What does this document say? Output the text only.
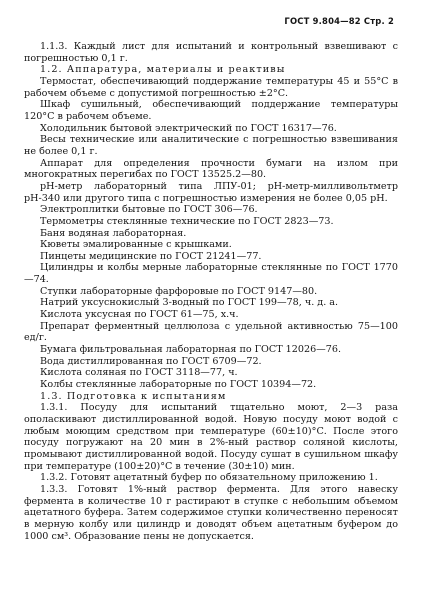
ГОСТ 9.804—82 Стр. 2

1.1.3. Каждый лист для испытаний и контрольный взвешивают с погрешностью 0,1 г.

1.2. Аппаратура, материалы и реактивы

Термостат, обеспечивающий поддержание температуры 45 и 55°С в рабочем объеме с допустимой погрешностью ±2°С.

Шкаф сушильный, обеспечивающий поддержание температуры 120°С в рабочем объеме.

Холодильник бытовой электрический по ГОСТ 16317—76.

Весы технические или аналитические с погрешностью взвешивания не более 0,1 г.

Аппарат для определения прочности бумаги на излом при многократных перегибах по ГОСТ 13525.2—80.

рН-метр лабораторный типа ЛПУ-01; рН-метр-милливольтметр рН-340 или другого типа с погрешностью измерения не более 0,05 рН.

Электроплитки бытовые по ГОСТ 306—76.

Термометры стеклянные технические по ГОСТ 2823—73.

Баня водяная лабораторная.

Кюветы эмалированные с крышками.

Пинцеты медицинские по ГОСТ 21241—77.

Цилиндры и колбы мерные лабораторные стеклянные по ГОСТ 1770—74.

Ступки лабораторные фарфоровые по ГОСТ 9147—80.

Натрий уксуснокислый 3-водный по ГОСТ 199—78, ч. д. а.

Кислота уксусная по ГОСТ 61—75, х.ч.

Препарат ферментный целлюлоза с удельной активностью 75—100 ед/г.

Бумага фильтровальная лабораторная по ГОСТ 12026—76.

Вода дистиллированная по ГОСТ 6709—72.

Кислота соляная по ГОСТ 3118—77, ч.

Колбы стеклянные лабораторные по ГОСТ 10394—72.

1.3. Подготовка к испытаниям

1.3.1. Посуду для испытаний тщательно моют, 2—3 раза ополаскивают дистиллированной водой. Новую посуду моют водой с любым моющим средством при температуре (60±10)°С. После этого посуду погружают на 20 мин в 2%-ный раствор соляной кислоты, промывают дистиллированной водой. Посуду сушат в сушильном шкафу при температуре (100±20)°С в течение (30±10) мин.

1.3.2. Готовят ацетатный буфер по обязательному приложению 1.

1.3.3. Готовят 1%-ный раствор фермента. Для этого навеску фермента в количестве 10 г растирают в ступке с небольшим объемом ацетатного буфера. Затем содержимое ступки количественно переносят в мерную колбу или цилиндр и доводят объем ацетатным буфером до 1000 см³. Образование пены не допускается.
